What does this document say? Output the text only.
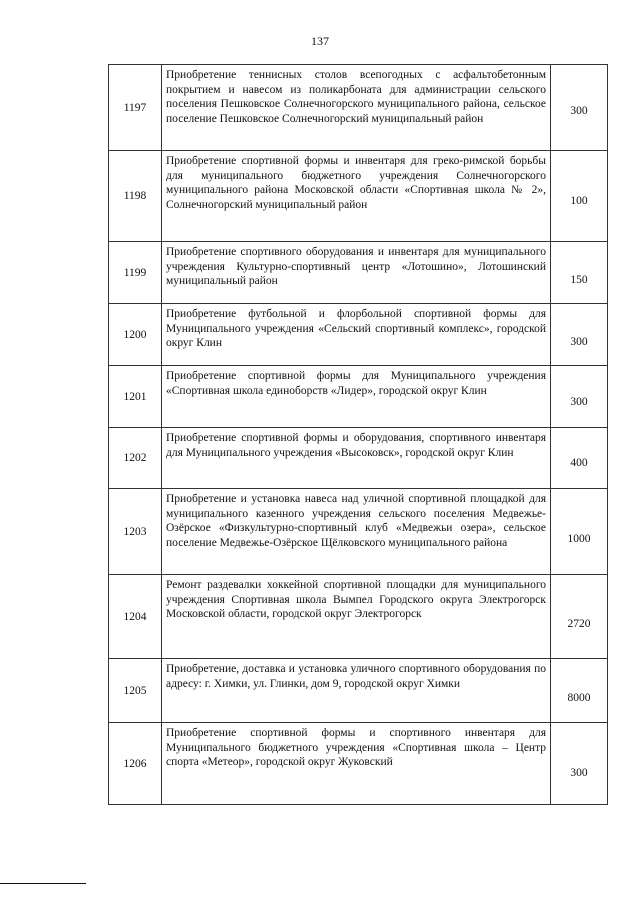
137
1197	Приобретение теннисных столов всепогодных с асфальтобетонным покрытием и навесом из поликарбоната для администрации сельского поселения Пешковское Солнечногорского муниципального района, сельское поселение Пешковское Солнечногорский муниципальный район	300
1198	Приобретение спортивной формы и инвентаря для греко-римской борьбы для муниципального бюджетного учреждения Солнечногорского муниципального района Московской области «Спортивная школа № 2», Солнечногорский муниципальный район	100
1199	Приобретение спортивного оборудования и инвентаря для муниципального учреждения Культурно-спортивный центр «Лотошино», Лотошинский муниципальный район	150
1200	Приобретение футбольной и флорбольной спортивной формы для Муниципального учреждения «Сельский спортивный комплекс», городской округ Клин	300
1201	Приобретение спортивной формы для Муниципального учреждения «Спортивная школа единоборств «Лидер», городской округ Клин	300
1202	Приобретение спортивной формы и оборудования, спортивного инвентаря для Муниципального учреждения «Высоковск», городской округ Клин	400
1203	Приобретение и установка навеса над уличной спортивной площадкой для муниципального казенного учреждения сельского поселения Медвежье-Озёрское «Физкультурно-спортивный клуб «Медвежьи озера», сельское поселение Медвежье-Озёрское Щёлковского муниципального района	1000
1204	Ремонт раздевалки хоккейной спортивной площадки для муниципального учреждения Спортивная школа Вымпел Городского округа Электрогорск Московской области, городской округ Электрогорск	2720
1205	Приобретение, доставка и установка уличного спортивного оборудования по адресу: г. Химки, ул. Глинки, дом 9, городской округ Химки	8000
1206	Приобретение спортивной формы и спортивного инвентаря для Муниципального бюджетного учреждения «Спортивная школа – Центр спорта «Метеор», городской округ Жуковский	300
